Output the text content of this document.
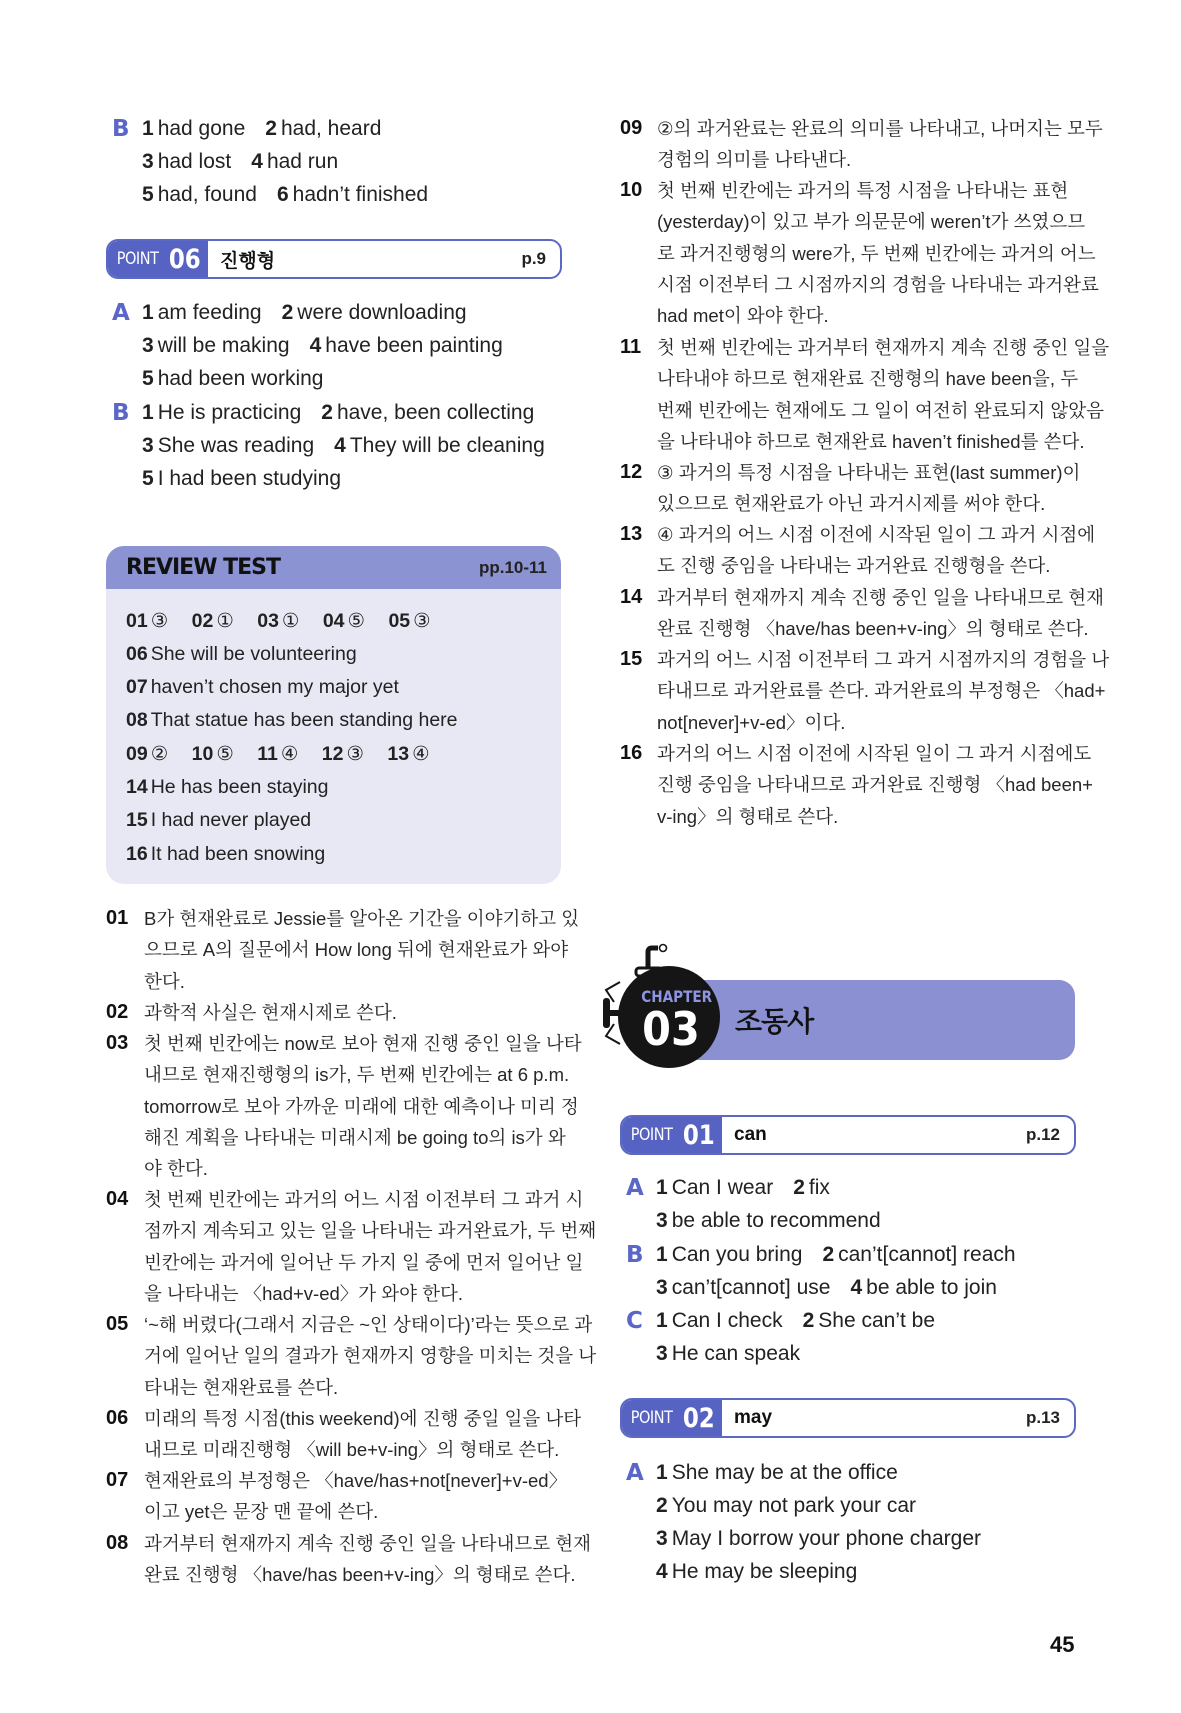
B 1 had gone 2 had, heard
3 had lost 4 had run
5 had, found 6 hadn’t finished
POINT 06 진행형	p.9
A 1 am feeding 2 were downloading
3 will be making 4 have been painting
5 had been working
B 1 He is practicing 2 have, been collecting
3 She was reading 4 They will be cleaning
5 I had been studying
REVIEW TEST	pp.10-11
01 ③ 02 ① 03 ① 04 ⑤ 05 ③
06 She will be volunteering
07 haven’t chosen my major yet
08 That statue has been standing here
09 ② 10 ⑤ 11 ④ 12 ③ 13 ④
14 He has been staying
15 I had never played
16 It had been snowing
01 B가 현재완료로 Jessie를 알아온 기간을 이야기하고 있
으므로 A의 질문에서 How long 뒤에 현재완료가 와야
한다.
02 과학적 사실은 현재시제로 쓴다.
03 첫 번째 빈칸에는 now로 보아 현재 진행 중인 일을 나타
내므로 현재진행형의 is가, 두 번째 빈칸에는 at 6 p.m.
tomorrow로 보아 가까운 미래에 대한 예측이나 미리 정
해진 계획을 나타내는 미래시제 be going to의 is가 와
야 한다.
04 첫 번째 빈칸에는 과거의 어느 시점 이전부터 그 과거 시
점까지 계속되고 있는 일을 나타내는 과거완료가, 두 번째
빈칸에는 과거에 일어난 두 가지 일 중에 먼저 일어난 일
을 나타내는 〈had+v-ed〉가 와야 한다.
05 ‘~해 버렸다(그래서 지금은 ~인 상태이다)’라는 뜻으로 과
거에 일어난 일의 결과가 현재까지 영향을 미치는 것을 나
타내는 현재완료를 쓴다.
06 미래의 특정 시점(this weekend)에 진행 중일 일을 나타
내므로 미래진행형 〈will be+v-ing〉의 형태로 쓴다.
07 현재완료의 부정형은 〈have/has+not[never]+v-ed〉
이고 yet은 문장 맨 끝에 쓴다.
08 과거부터 현재까지 계속 진행 중인 일을 나타내므로 현재
완료 진행형 〈have/has been+v-ing〉의 형태로 쓴다.
09 ②의 과거완료는 완료의 의미를 나타내고, 나머지는 모두
경험의 의미를 나타낸다.
10 첫 번째 빈칸에는 과거의 특정 시점을 나타내는 표현
(yesterday)이 있고 부가 의문문에 weren’t가 쓰였으므
로 과거진행형의 were가, 두 번째 빈칸에는 과거의 어느
시점 이전부터 그 시점까지의 경험을 나타내는 과거완료
had met이 와야 한다.
11 첫 번째 빈칸에는 과거부터 현재까지 계속 진행 중인 일을
나타내야 하므로 현재완료 진행형의 have been을, 두
번째 빈칸에는 현재에도 그 일이 여전히 완료되지 않았음
을 나타내야 하므로 현재완료 haven’t finished를 쓴다.
12 ③ 과거의 특정 시점을 나타내는 표현(last summer)이
있으므로 현재완료가 아닌 과거시제를 써야 한다.
13 ④ 과거의 어느 시점 이전에 시작된 일이 그 과거 시점에
도 진행 중임을 나타내는 과거완료 진행형을 쓴다.
14 과거부터 현재까지 계속 진행 중인 일을 나타내므로 현재
완료 진행형 〈have/has been+v-ing〉의 형태로 쓴다.
15 과거의 어느 시점 이전부터 그 과거 시점까지의 경험을 나
타내므로 과거완료를 쓴다. 과거완료의 부정형은 〈had+
not[never]+v-ed〉이다.
16 과거의 어느 시점 이전에 시작된 일이 그 과거 시점에도
진행 중임을 나타내므로 과거완료 진행형 〈had been+
v-ing〉의 형태로 쓴다.
CHAPTER
03	조동사
POINT 01 can	p.12
A 1 Can I wear 2 fix
3 be able to recommend
B 1 Can you bring 2 can’t[cannot] reach
3 can’t[cannot] use 4 be able to join
C 1 Can I check 2 She can’t be
3 He can speak
POINT 02 may	p.13
A 1 She may be at the office
2 You may not park your car
3 May I borrow your phone charger
4 He may be sleeping
45
